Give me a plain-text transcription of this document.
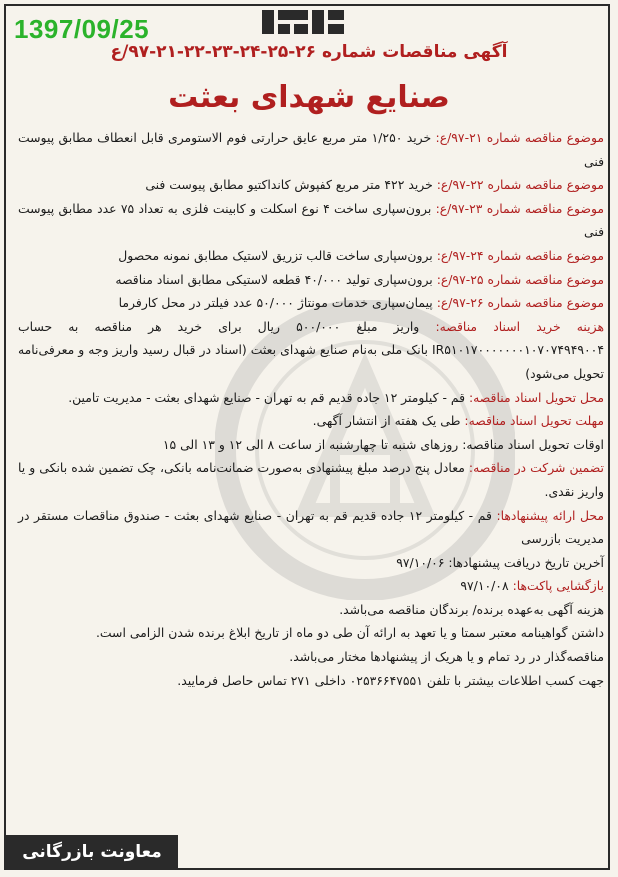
1397/09/25
آگهی مناقصات شماره ۲۶-۲۵-۲۴-۲۳-۲۲-۲۱-۹۷/ع
صنایع شهدای بعثت

موضوع مناقصه شماره ۲۱-۹۷/ع: خرید ۱/۲۵۰ متر مربع عایق حرارتی فوم الاستومری قابل انعطاف مطابق پیوست فنی

موضوع مناقصه شماره ۲۲-۹۷/ع: خرید ۴۲۲ متر مربع کفپوش کانداکتیو مطابق پیوست فنی

موضوع مناقصه شماره ۲۳-۹۷/ع: برون‌سپاری ساخت ۴ نوع اسکلت و کابینت فلزی به تعداد ۷۵ عدد مطابق پیوست فنی

موضوع مناقصه شماره ۲۴-۹۷/ع: برون‌سپاری ساخت قالب تزریق لاستیک مطابق نمونه محصول

موضوع مناقصه شماره ۲۵-۹۷/ع: برون‌سپاری تولید ۴۰/۰۰۰ قطعه لاستیکی مطابق اسناد مناقصه

موضوع مناقصه شماره ۲۶-۹۷/ع: پیمان‌سپاری خدمات مونتاژ ۵۰/۰۰۰ عدد فیلتر در محل کارفرما

هزینه خرید اسناد مناقصه: واریز مبلغ ۵۰۰/۰۰۰ ریال برای خرید هر مناقصه به حساب IR۵۱۰۱۷۰۰۰۰۰۰۰۱۰۷۰۷۴۹۴۹۰۰۴ بانک ملی به‌نام صنایع شهدای بعثت (اسناد در قبال رسید واریز وجه و معرفی‌نامه تحویل می‌شود)

محل تحویل اسناد مناقصه: قم - کیلومتر ۱۲ جاده قدیم قم به تهران - صنایع شهدای بعثت - مدیریت تامین.

مهلت تحویل اسناد مناقصه: طی یک هفته از انتشار آگهی.

اوقات تحویل اسناد مناقصه: روزهای شنبه تا چهارشنبه از ساعت ۸ الی ۱۲ و ۱۳ الی ۱۵

تضمین شرکت در مناقصه: معادل پنج درصد مبلغ پیشنهادی به‌صورت ضمانت‌نامه بانکی، چک تضمین شده بانکی و یا واریز نقدی.

محل ارائه پیشنهادها: قم - کیلومتر ۱۲ جاده قدیم قم به تهران - صنایع شهدای بعثت - صندوق مناقصات مستقر در مدیریت بازرسی

آخرین تاریخ دریافت پیشنهادها: ۹۷/۱۰/۰۶

بازگشایی پاکت‌ها: ۹۷/۱۰/۰۸

هزینه آگهی به‌عهده برنده/ برندگان مناقصه می‌باشد.

داشتن گواهینامه معتبر سمتا و یا تعهد به ارائه آن طی دو ماه از تاریخ ابلاغ برنده شدن الزامی است.

مناقصه‌گذار در رد تمام و یا هریک از پیشنهادها مختار می‌باشد.

جهت کسب اطلاعات بیشتر با تلفن ۰۲۵۳۶۶۴۷۵۵۱ داخلی ۲۷۱ تماس حاصل فرمایید.

معاونت بازرگانی
